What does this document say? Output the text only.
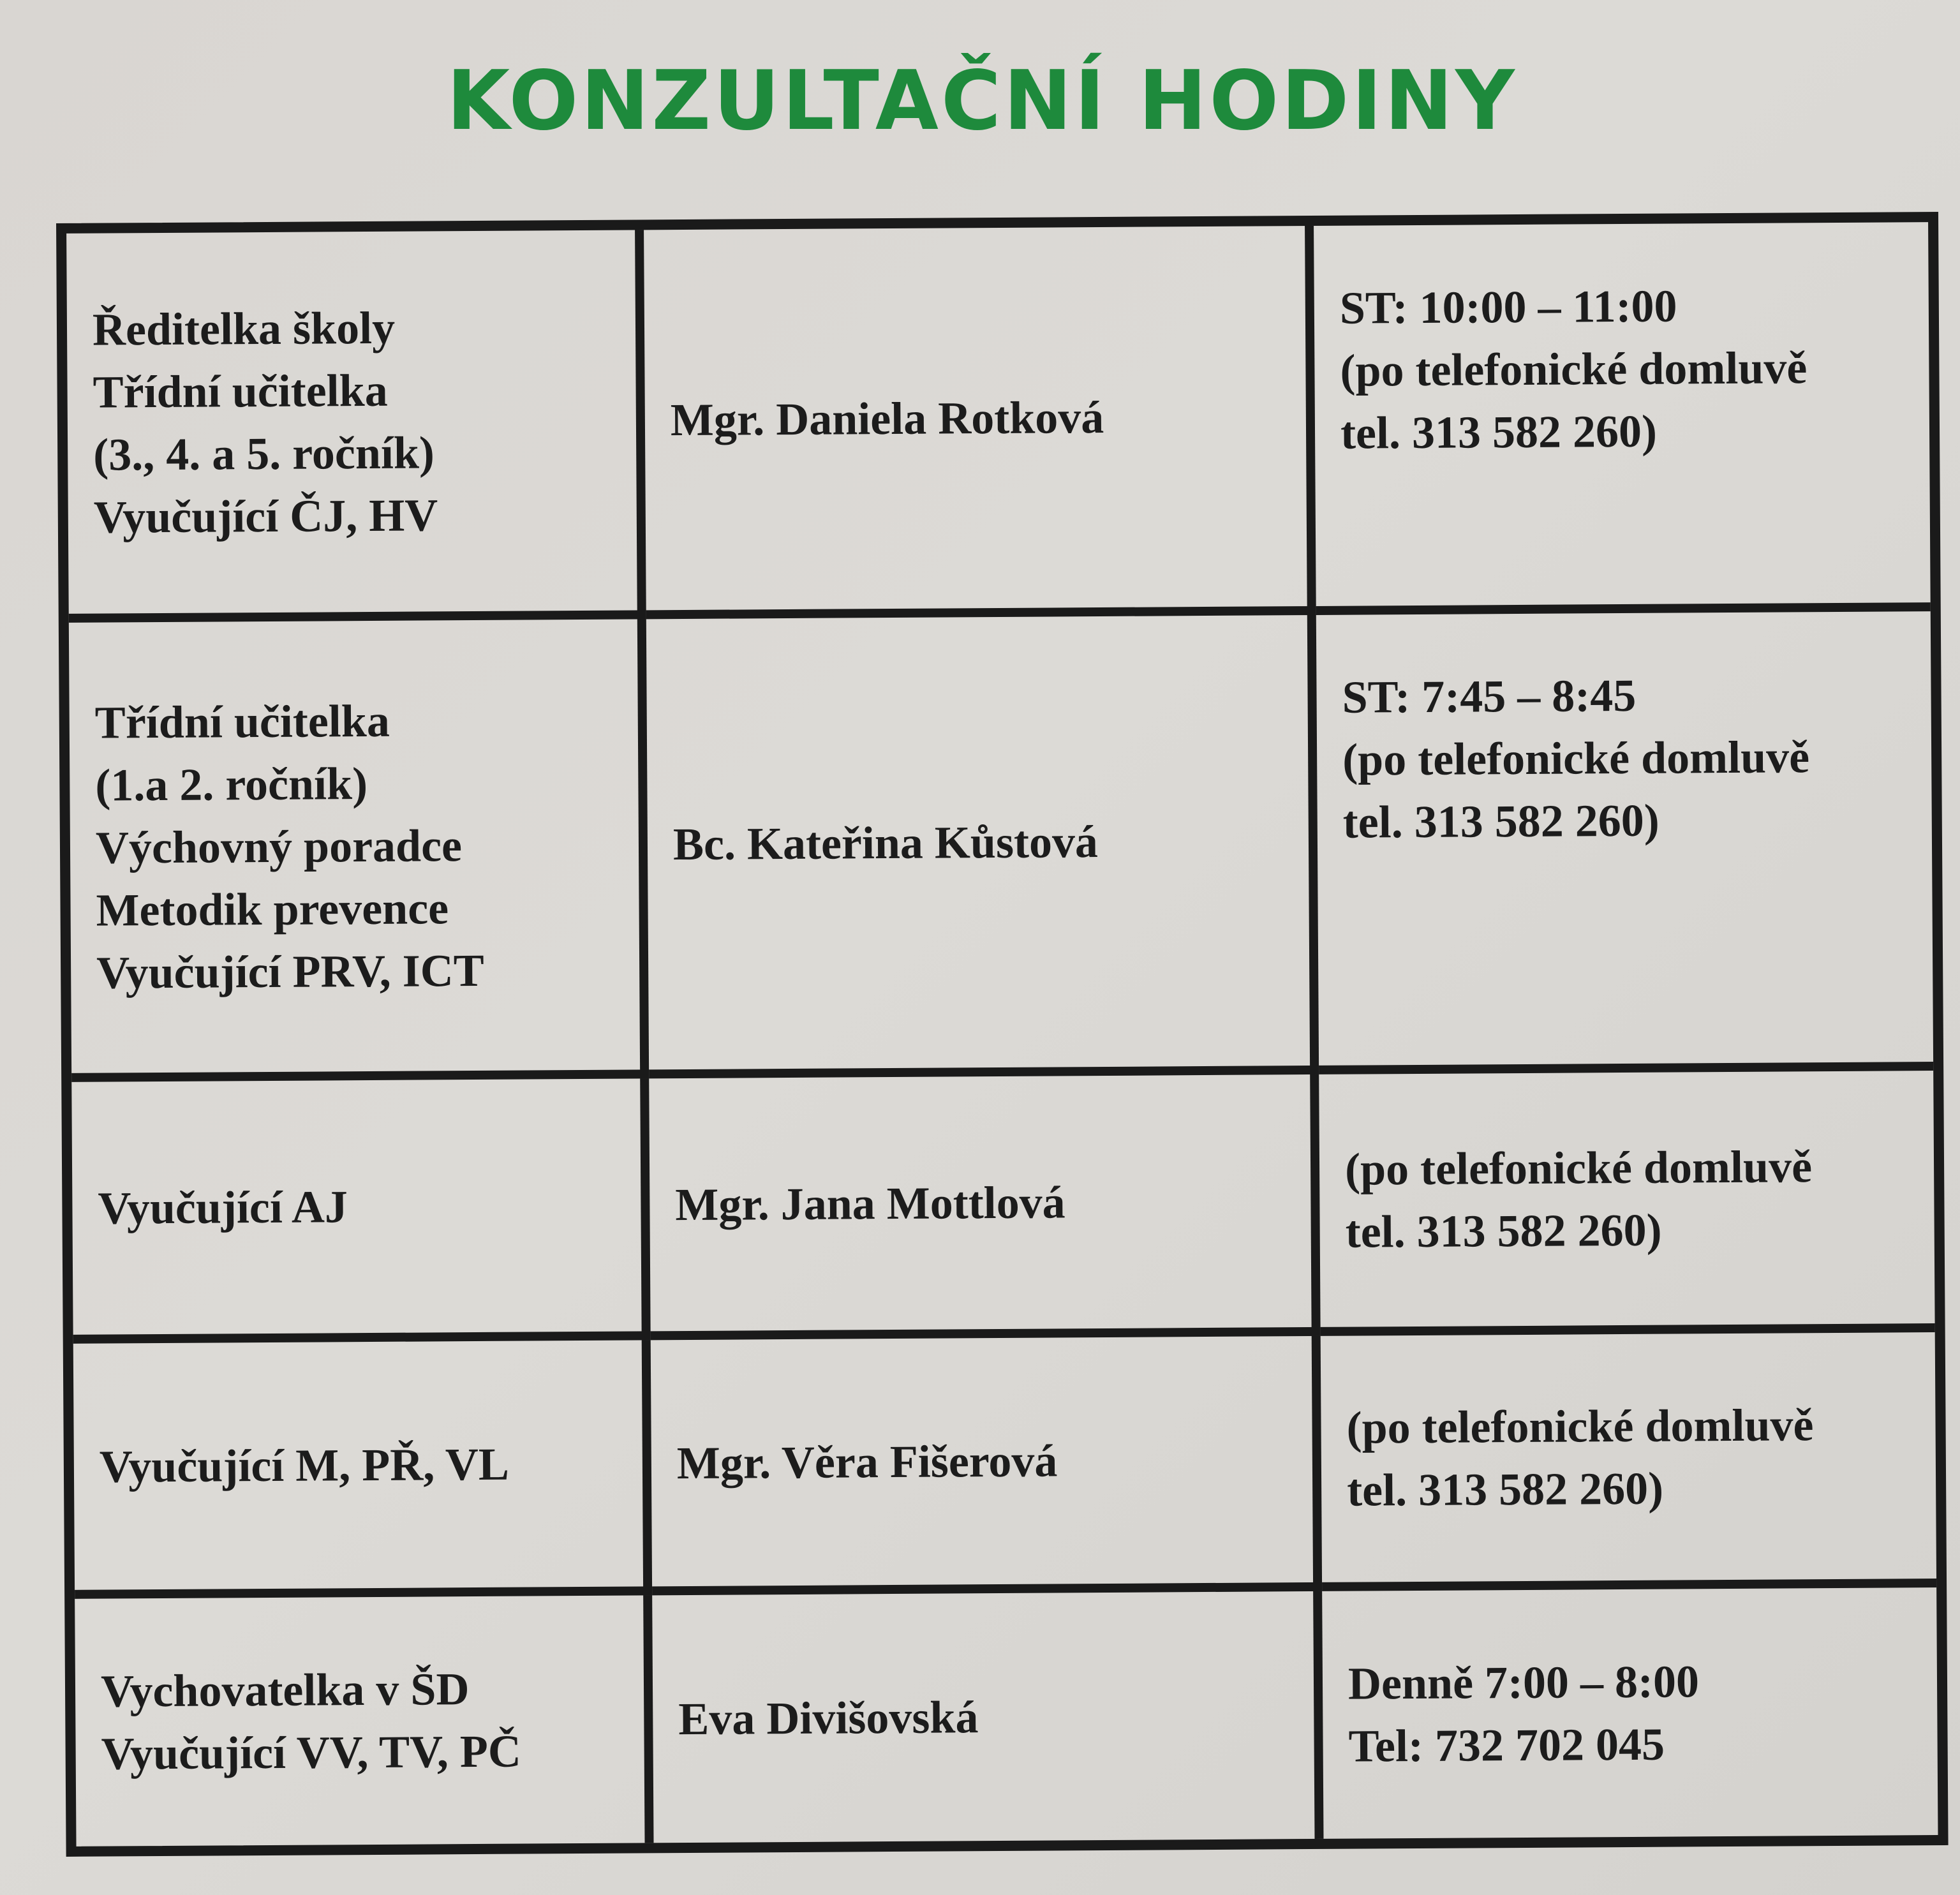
KONZULTAČNÍ HODINY
Ředitelka školy
Třídní učitelka
(3., 4. a 5. ročník)
Vyučující ČJ, HV
Mgr. Daniela Rotková
ST: 10:00 – 11:00
(po telefonické domluvě
tel. 313 582 260)
Třídní učitelka
(1.a 2. ročník)
Výchovný poradce
Metodik prevence
Vyučující PRV, ICT
Bc. Kateřina Kůstová
ST: 7:45 – 8:45
(po telefonické domluvě
tel. 313 582 260)
Vyučující AJ	Mgr. Jana Mottlová
(po telefonické domluvě
tel. 313 582 260)
Vyučující M, PŘ, VL	Mgr. Věra Fišerová
(po telefonické domluvě
tel. 313 582 260)
Vychovatelka v ŠD
Vyučující VV, TV, PČ
Eva Divišovská
Denně 7:00 – 8:00
Tel: 732 702 045
